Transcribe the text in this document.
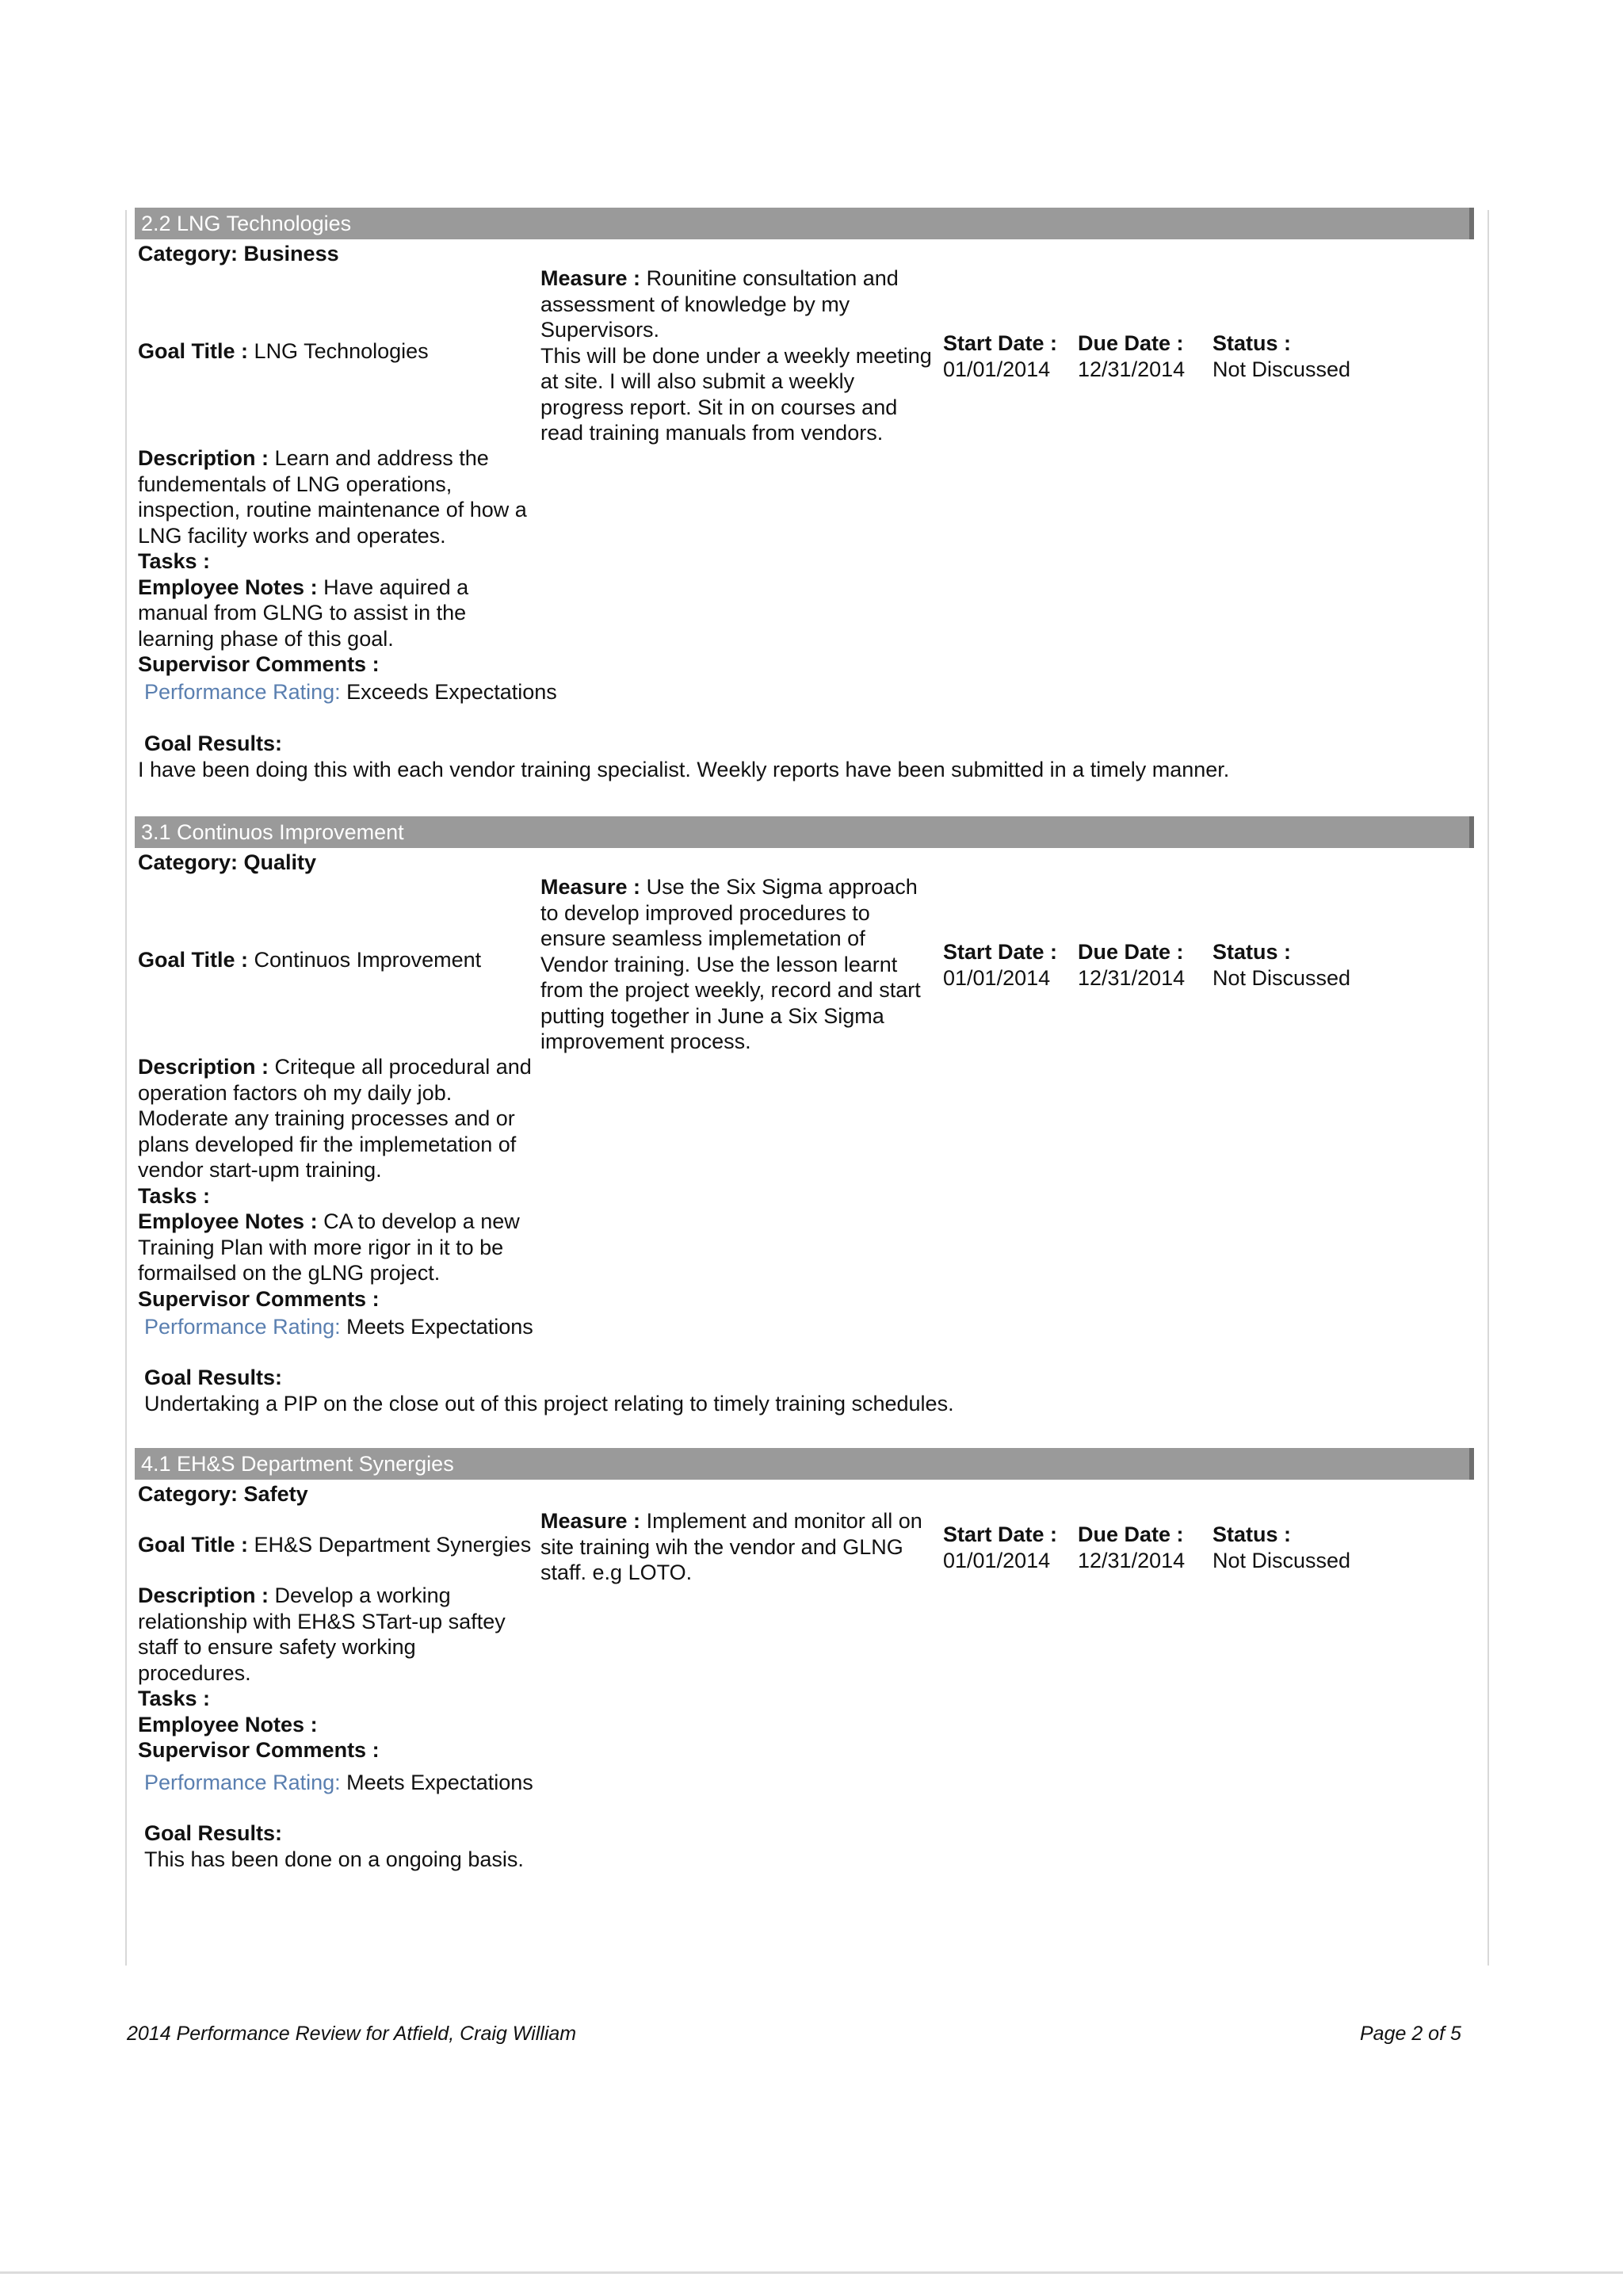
2.2 LNG Technologies
Category: Business
Goal Title : LNG Technologies
Measure : Rounitine consultation and
assessment of knowledge by my
Supervisors.
This will be done under a weekly meeting
at site. I will also submit a weekly
progress report. Sit in on courses and
read training manuals from vendors.
Start Date :
01/01/2014
Due Date :
12/31/2014
Status :
Not Discussed
Description : Learn and address the
fundementals of LNG operations,
inspection, routine maintenance of how a
LNG facility works and operates.
Tasks :
Employee Notes : Have aquired a
manual from GLNG to assist in the
learning phase of this goal.
Supervisor Comments :
Performance Rating: Exceeds Expectations
Goal Results:
I have been doing this with each vendor training specialist. Weekly reports have been submitted in a timely manner.
3.1 Continuos Improvement
Category: Quality
Goal Title : Continuos Improvement
Measure : Use the Six Sigma approach
to develop improved procedures to
ensure seamless implemetation of
Vendor training. Use the lesson learnt
from the project weekly, record and start
putting together in June a Six Sigma
improvement process.
Start Date :
01/01/2014
Due Date :
12/31/2014
Status :
Not Discussed
Description : Criteque all procedural and
operation factors oh my daily job.
Moderate any training processes and or
plans developed fir the implemetation of
vendor start-upm training.
Tasks :
Employee Notes : CA to develop a new
Training Plan with more rigor in it to be
formailsed on the gLNG project.
Supervisor Comments :
Performance Rating: Meets Expectations
Goal Results:
Undertaking a PIP on the close out of this project relating to timely training schedules.
4.1 EH&S Department Synergies
Category: Safety
Goal Title : EH&S Department Synergies
Measure : Implement and monitor all on
site training wih the vendor and GLNG
staff. e.g LOTO.
Start Date :
01/01/2014
Due Date :
12/31/2014
Status :
Not Discussed
Description : Develop a working
relationship with EH&S STart-up saftey
staff to ensure safety working
procedures.
Tasks :
Employee Notes :
Supervisor Comments :
Performance Rating: Meets Expectations
Goal Results:
This has been done on a ongoing basis.
2014 Performance Review for Atfield, Craig William	Page 2 of 5
